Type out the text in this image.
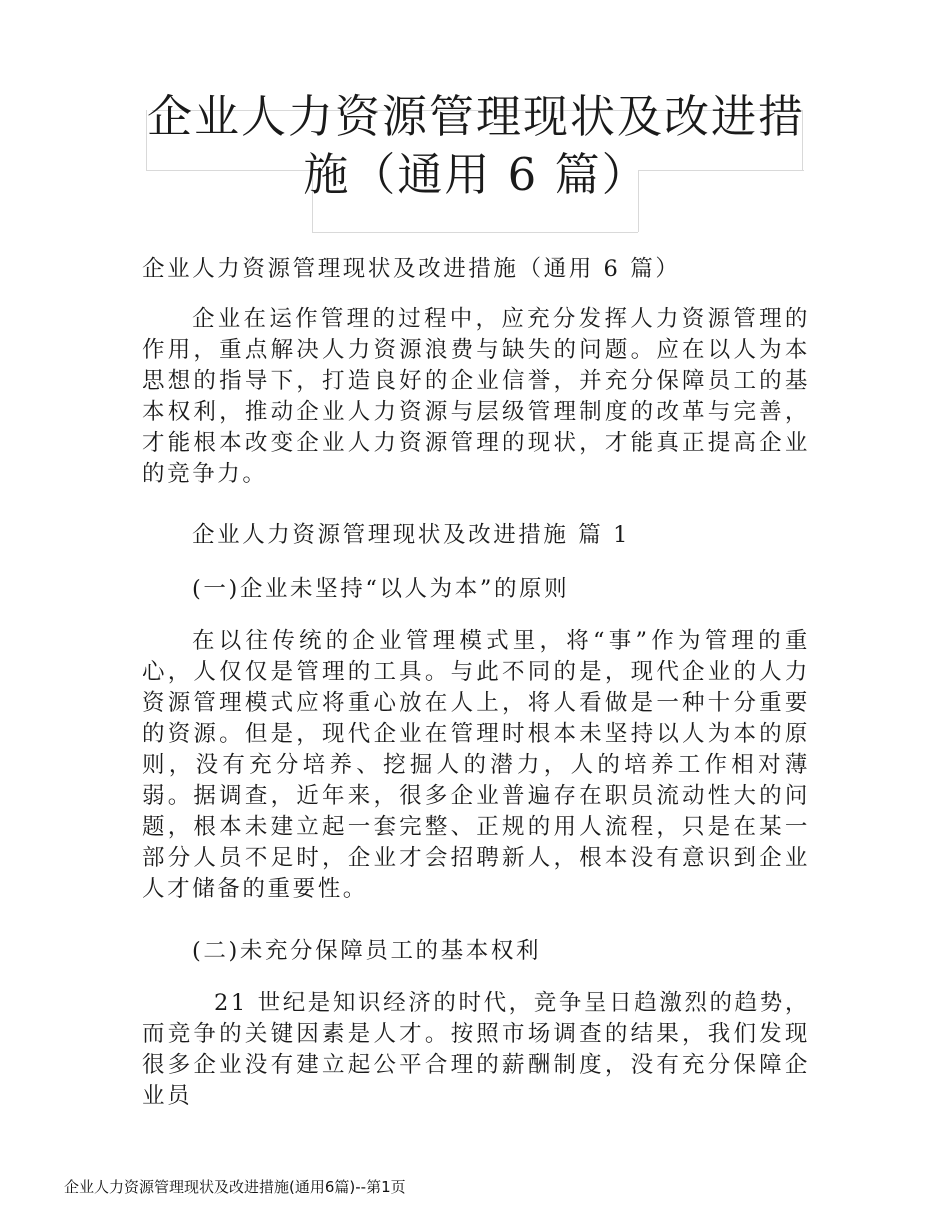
企业人力资源管理现状及改进措
施（通用 6 篇）

企业人力资源管理现状及改进措施（通用 6 篇）

企业在运作管理的过程中，应充分发挥人力资源管理的作用，重点解决人力资源浪费与缺失的问题。应在以人为本思想的指导下，打造良好的企业信誉，并充分保障员工的基本权利，推动企业人力资源与层级管理制度的改革与完善，才能根本改变企业人力资源管理的现状，才能真正提高企业的竞争力。

企业人力资源管理现状及改进措施 篇 1

(一)企业未坚持“以人为本”的原则

在以往传统的企业管理模式里，将“事”作为管理的重心，人仅仅是管理的工具。与此不同的是，现代企业的人力资源管理模式应将重心放在人上，将人看做是一种十分重要的资源。但是，现代企业在管理时根本未坚持以人为本的原则，没有充分培养、挖掘人的潜力，人的培养工作相对薄弱。据调查，近年来，很多企业普遍存在职员流动性大的问题，根本未建立起一套完整、正规的用人流程，只是在某一部分人员不足时，企业才会招聘新人，根本没有意识到企业人才储备的重要性。

(二)未充分保障员工的基本权利

21 世纪是知识经济的时代，竞争呈日趋激烈的趋势，而竞争的关键因素是人才。按照市场调查的结果，我们发现很多企业没有建立起公平合理的薪酬制度，没有充分保障企业员

企业人力资源管理现状及改进措施(通用6篇)--第1页
